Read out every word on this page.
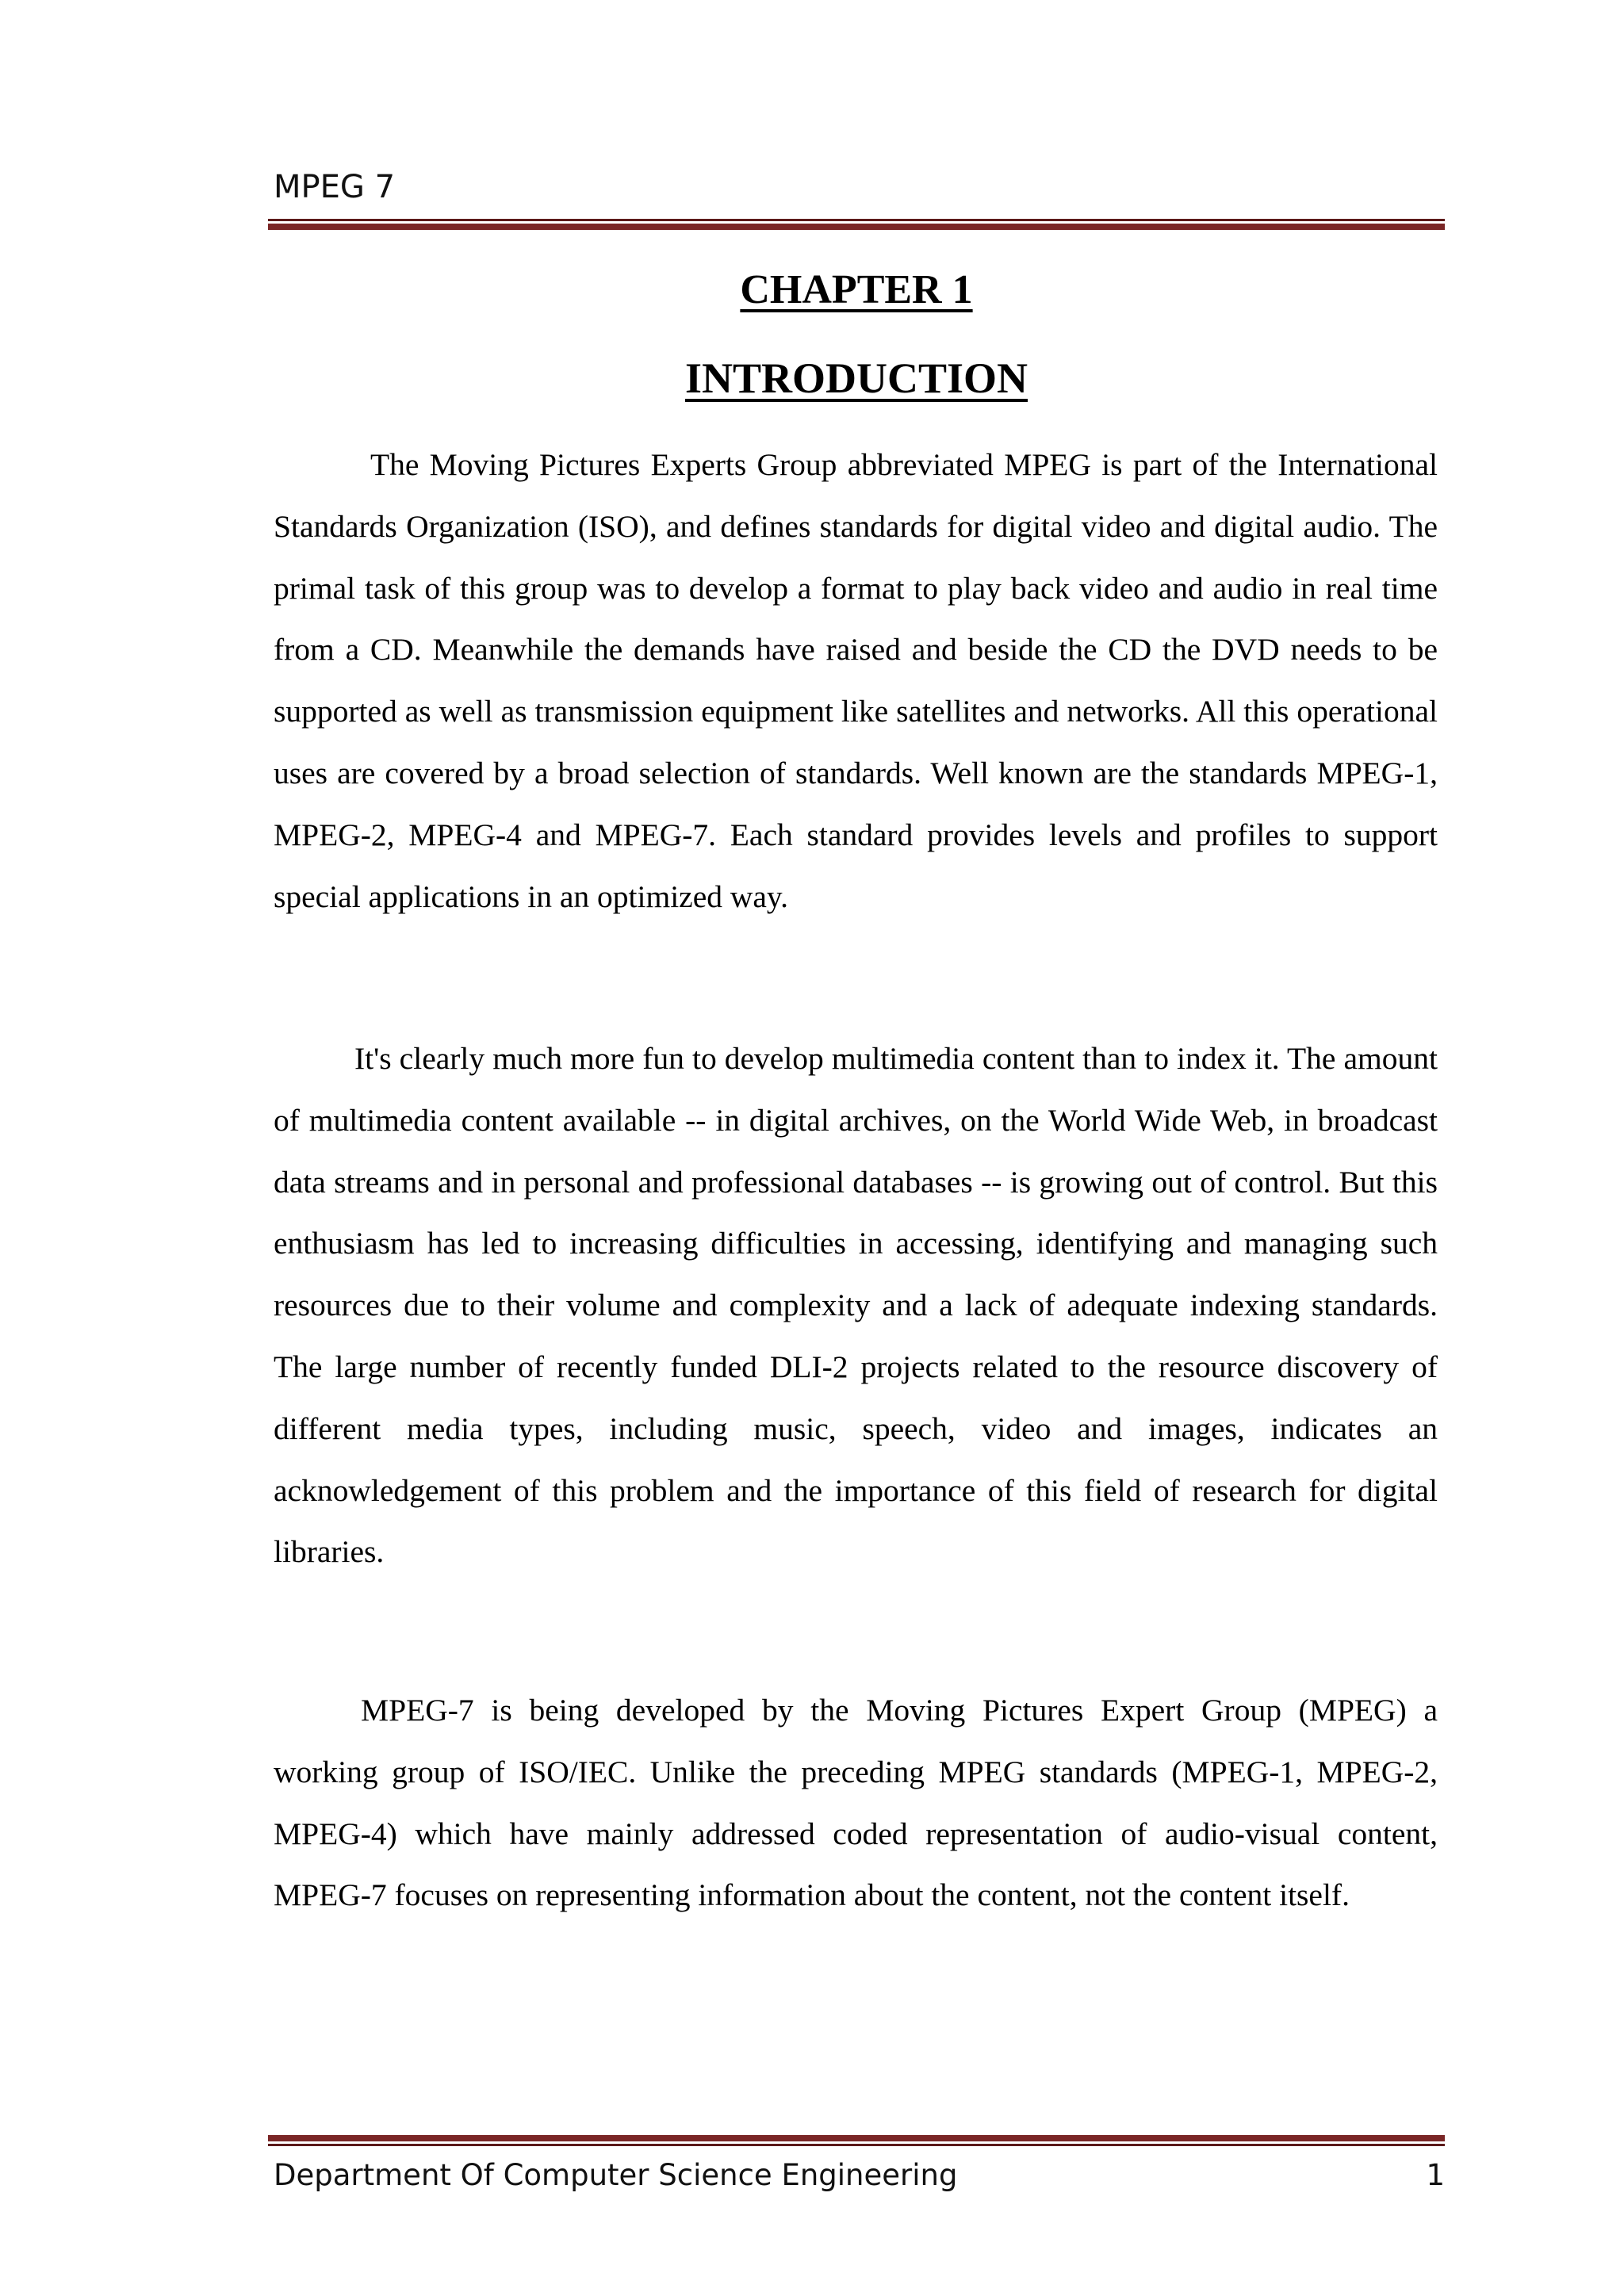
MPEG 7
CHAPTER 1
INTRODUCTION

The Moving Pictures Experts Group abbreviated MPEG is part of the International Standards Organization (ISO), and defines standards for digital video and digital audio. The primal task of this group was to develop a format to play back video and audio in real time from a CD. Meanwhile the demands have raised and beside the CD the DVD needs to be supported as well as transmission equipment like satellites and networks. All this operational uses are covered by a broad selection of standards. Well known are the standards MPEG-1, MPEG-2, MPEG-4 and MPEG-7. Each standard provides levels and profiles to support special applications in an optimized way.

It's clearly much more fun to develop multimedia content than to index it. The amount of multimedia content available -- in digital archives, on the World Wide Web, in broadcast data streams and in personal and professional databases -- is growing out of control. But this enthusiasm has led to increasing difficulties in accessing, identifying and managing such resources due to their volume and complexity and a lack of adequate indexing standards. The large number of recently funded DLI-2 projects related to the resource discovery of different media types, including music, speech, video and images, indicates an acknowledgement of this problem and the importance of this field of research for digital libraries.

MPEG-7 is being developed by the Moving Pictures Expert Group (MPEG) a working group of ISO/IEC. Unlike the preceding MPEG standards (MPEG-1, MPEG-2, MPEG-4) which have mainly addressed coded representation of audio-visual content, MPEG-7 focuses on representing information about the content, not the content itself.

Department Of Computer Science Engineering	1
